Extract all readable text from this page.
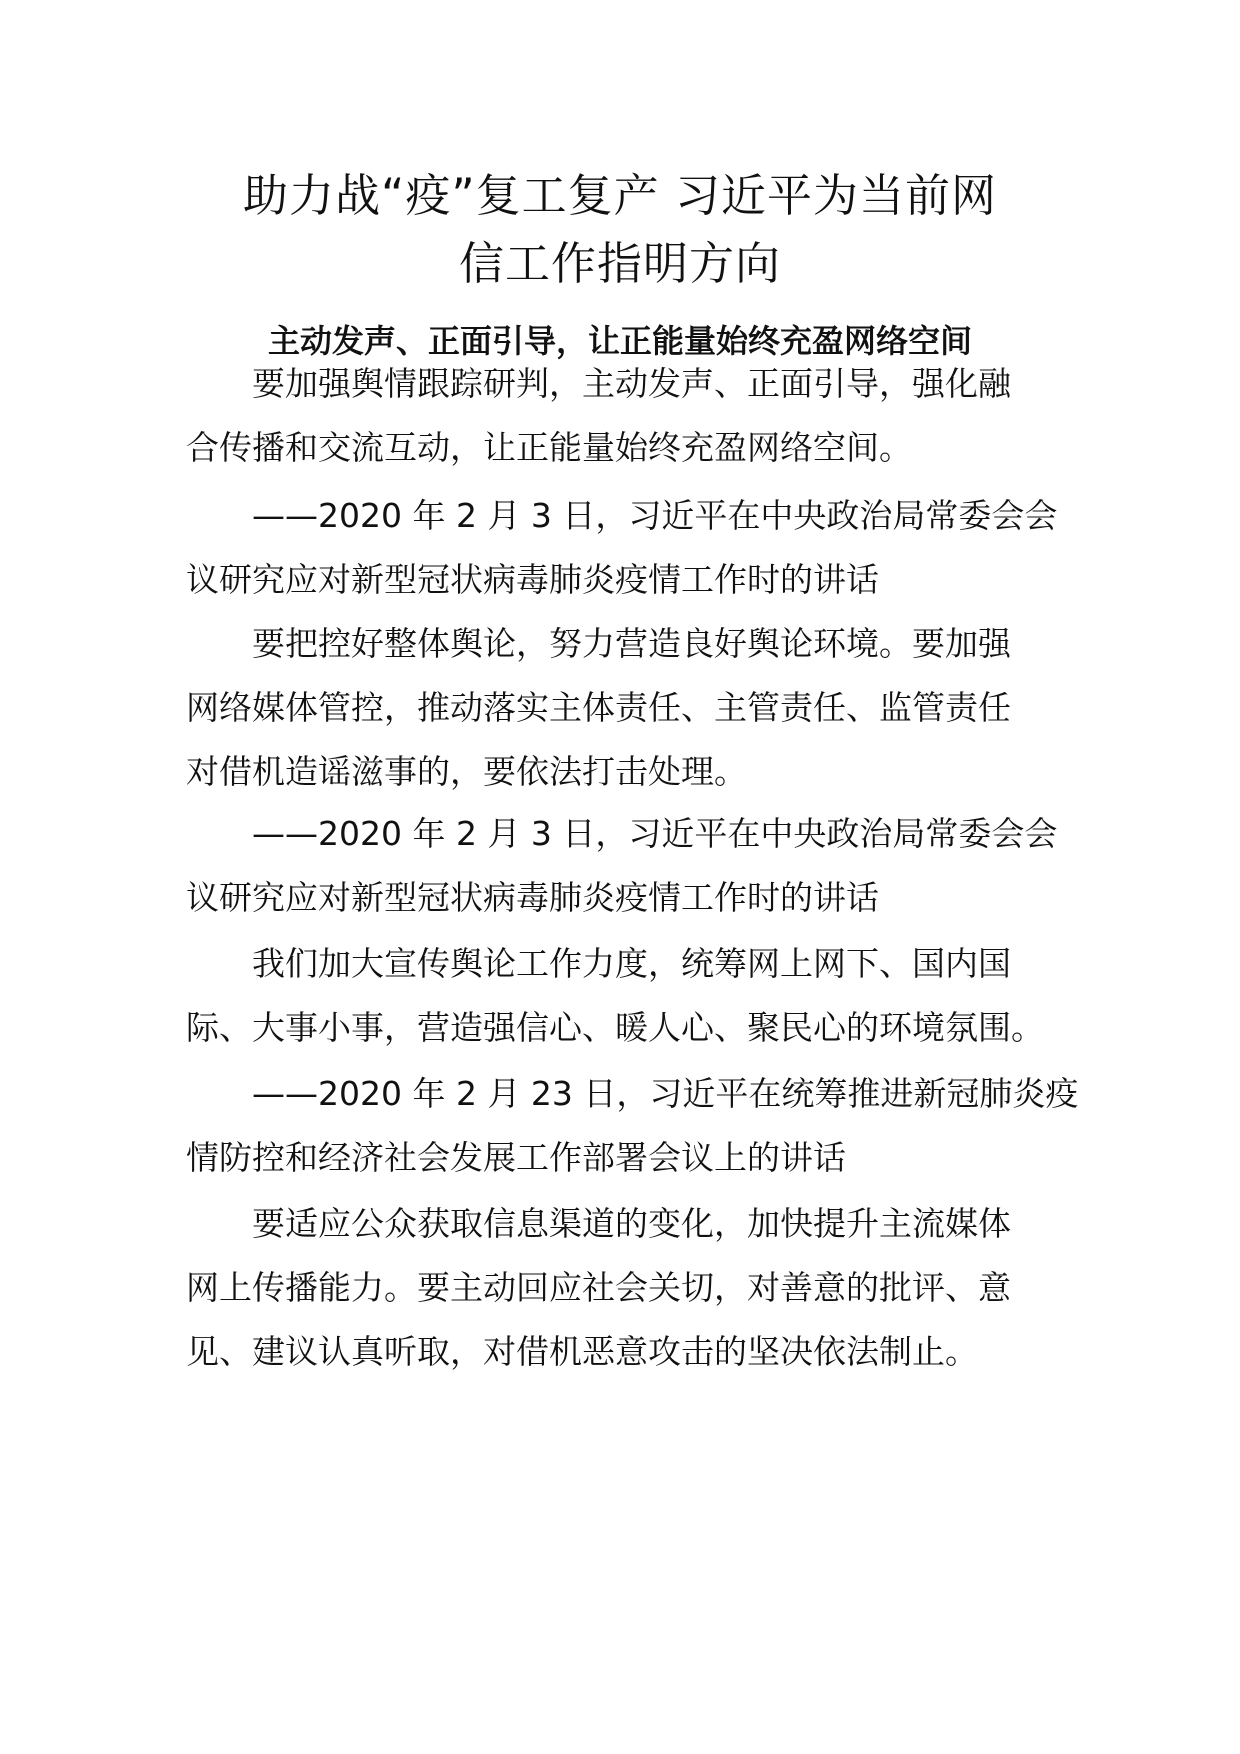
助力战“疫”复工复产 习近平为当前网
信工作指明方向
主动发声、正面引导，让正能量始终充盈网络空间
要加强舆情跟踪研判，主动发声、正面引导，强化融
合传播和交流互动，让正能量始终充盈网络空间。
——2020 年 2 月 3 日，习近平在中央政治局常委会会
议研究应对新型冠状病毒肺炎疫情工作时的讲话
要把控好整体舆论，努力营造良好舆论环境。要加强
网络媒体管控，推动落实主体责任、主管责任、监管责任
对借机造谣滋事的，要依法打击处理。
——2020 年 2 月 3 日，习近平在中央政治局常委会会
议研究应对新型冠状病毒肺炎疫情工作时的讲话
我们加大宣传舆论工作力度，统筹网上网下、国内国
际、大事小事，营造强信心、暖人心、聚民心的环境氛围。
——2020 年 2 月 23 日，习近平在统筹推进新冠肺炎疫
情防控和经济社会发展工作部署会议上的讲话
要适应公众获取信息渠道的变化，加快提升主流媒体
网上传播能力。要主动回应社会关切，对善意的批评、意
见、建议认真听取，对借机恶意攻击的坚决依法制止。
